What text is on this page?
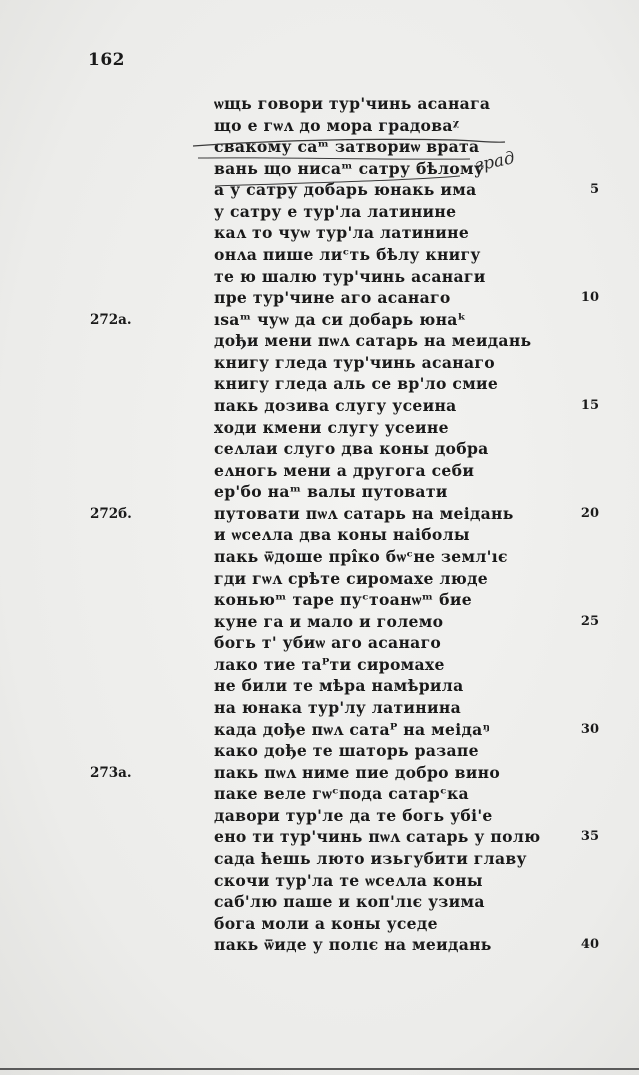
162
ѡщь говори тур'чинь асанага
що е гѡᴧ до мора градоваᵡ
свакому саᵐ затвориѡ врата
вань що нисаᵐ сатру бѣлому
а у сатру добарь юнакь има
у сатру е тур'ла латинине
каᴧ то чуѡ тур'ла латинине
онᴧа пише лиᶜть бѣлу книгу
те ю шалю тур'чинь асанаги
пре тур'чине аго асанаго
ısaᵐ чуѡ да си добарь юнаᵏ
дођи мени пѡᴧ сатарь на меидань
книгу гледа тур'чинь асанаго
книгу гледа аль се вр'ло смие
пакь дозива слугу усеина
ходи кмени слугу усеине
сеᴧлаи слуго два коны добра
еᴧногь мени а другога себи
ер'бо наᵐ валы путовати
путовати пѡᴧ сатарь на меідань
и ѡсеᴧла два коны наіболы
пакь ѿдоше прі̂ко бѡᶜне земл'ıє
гди гѡᴧ срѣте сиромахе люде
коньюᵐ таре пуᶜтоанѡᵐ бие
куне га и мало и големо
богь т' убиѡ аго асанаго
лако тие таᴾти сиромахе
не били те мѣра намѣрила
на юнака тур'лу латинина
када дође пѡᴧ сатаᴾ на меідаᵑ
како дође те шаторь разапе
пакь пѡᴧ ниме пие добро вино
паке веле гѡᶜпода сатарᶜка
давори тур'ле да те богь убі'е
ено ти тур'чинь пѡᴧ сатарь у полю
сада ћешь люто изьгубити главу
скочи тур'ла те ѡсеᴧла коны
саб'лю паше и коп'лıє узима
бога моли а коны уседе
пакь ѿиде у полıє на меидань
5
10
15
20
25
30
35
40
272a.
272б.
273a.
град
